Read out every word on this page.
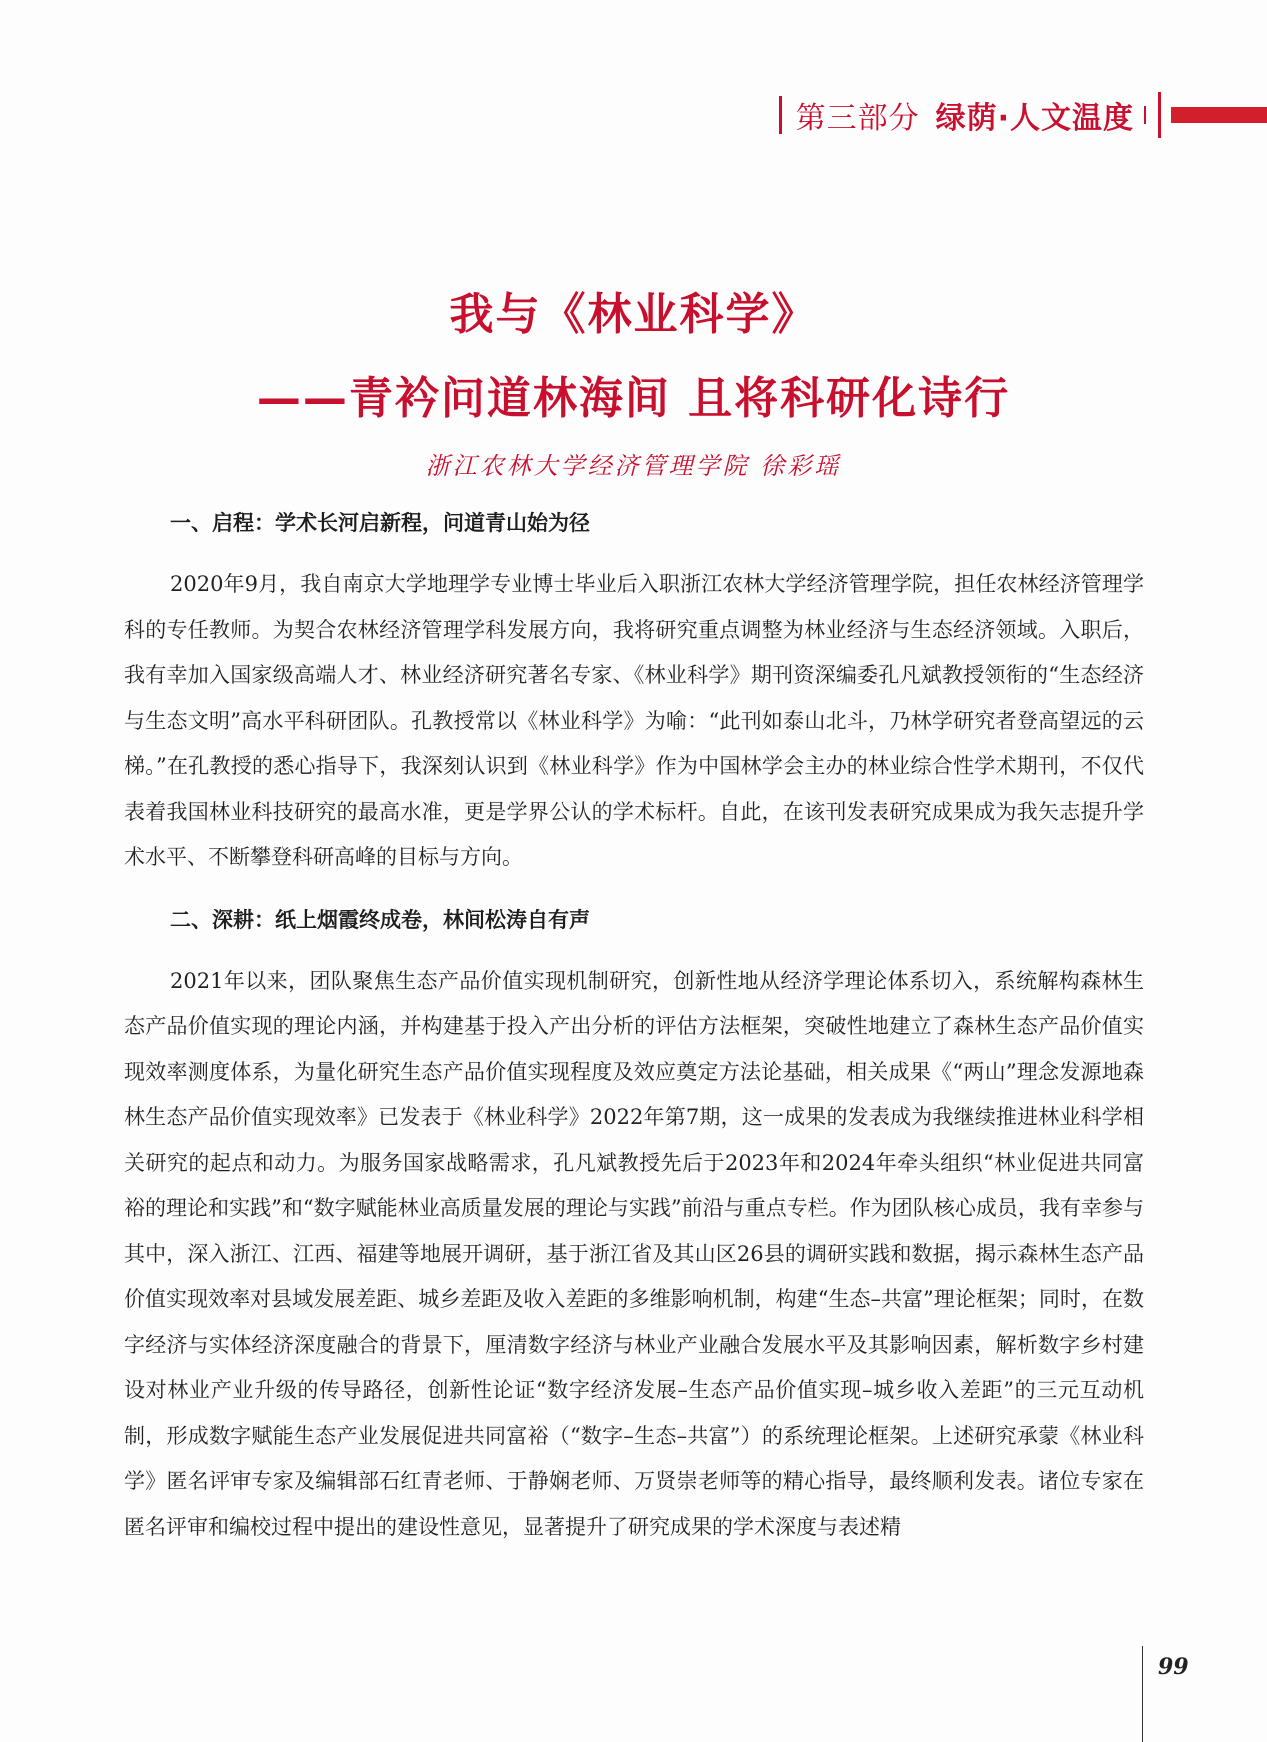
第三部分 绿荫·人文温度
我与《林业科学》
——青衿问道林海间 且将科研化诗行
浙江农林大学经济管理学院 徐彩瑶
一、启程：学术长河启新程，问道青山始为径

2020年9月，我自南京大学地理学专业博士毕业后入职浙江农林大学经济管理学院，担任农林经济管理学科的专任教师。为契合农林经济管理学科发展方向，我将研究重点调整为林业经济与生态经济领域。入职后，我有幸加入国家级高端人才、林业经济研究著名专家、《林业科学》期刊资深编委孔凡斌教授领衔的“生态经济与生态文明”高水平科研团队。孔教授常以《林业科学》为喻：“此刊如泰山北斗，乃林学研究者登高望远的云梯。”在孔教授的悉心指导下，我深刻认识到《林业科学》作为中国林学会主办的林业综合性学术期刊，不仅代表着我国林业科技研究的最高水准，更是学界公认的学术标杆。自此，在该刊发表研究成果成为我矢志提升学术水平、不断攀登科研高峰的目标与方向。

二、深耕：纸上烟霞终成卷，林间松涛自有声

2021年以来，团队聚焦生态产品价值实现机制研究，创新性地从经济学理论体系切入，系统解构森林生态产品价值实现的理论内涵，并构建基于投入产出分析的评估方法框架，突破性地建立了森林生态产品价值实现效率测度体系，为量化研究生态产品价值实现程度及效应奠定方法论基础，相关成果《“两山”理念发源地森林生态产品价值实现效率》已发表于《林业科学》2022年第7期，这一成果的发表成为我继续推进林业科学相关研究的起点和动力。为服务国家战略需求，孔凡斌教授先后于2023年和2024年牵头组织“林业促进共同富裕的理论和实践”和“数字赋能林业高质量发展的理论与实践”前沿与重点专栏。作为团队核心成员，我有幸参与其中，深入浙江、江西、福建等地展开调研，基于浙江省及其山区26县的调研实践和数据，揭示森林生态产品价值实现效率对县域发展差距、城乡差距及收入差距的多维影响机制，构建“生态–共富”理论框架；同时，在数字经济与实体经济深度融合的背景下，厘清数字经济与林业产业融合发展水平及其影响因素，解析数字乡村建设对林业产业升级的传导路径，创新性论证“数字经济发展–生态产品价值实现–城乡收入差距”的三元互动机制，形成数字赋能生态产业发展促进共同富裕（“数字–生态–共富”）的系统理论框架。上述研究承蒙《林业科学》匿名评审专家及编辑部石红青老师、于静娴老师、万贤崇老师等的精心指导，最终顺利发表。诸位专家在匿名评审和编校过程中提出的建设性意见，显著提升了研究成果的学术深度与表述精

99
